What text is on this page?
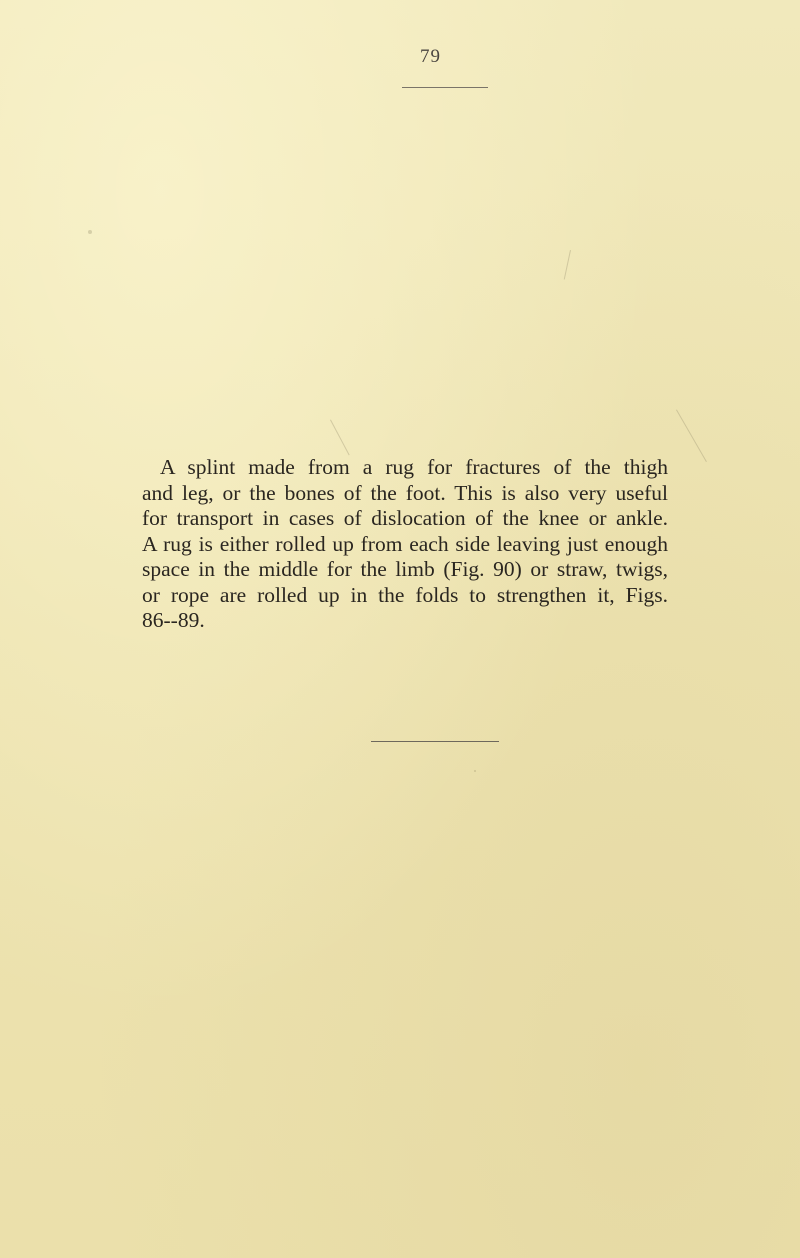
79

A splint made from a rug for fractures of the thigh
and leg, or the bones of the foot. This is also very useful
for transport in cases of dislocation of the knee or ankle.
A rug is either rolled up from each side leaving just enough
space in the middle for the limb (Fig. 90) or straw, twigs,
or rope are rolled up in the folds to strengthen it, Figs.
86--89.
